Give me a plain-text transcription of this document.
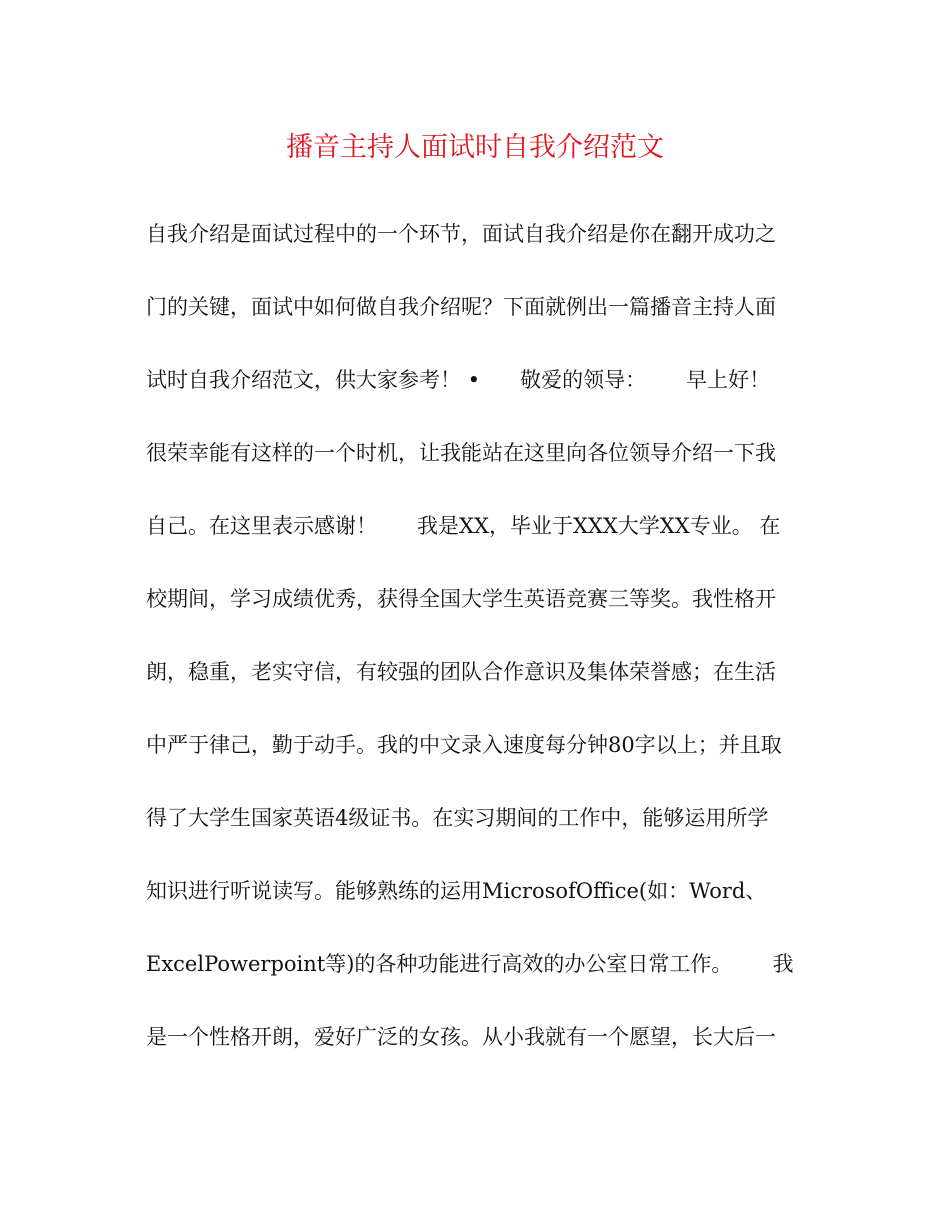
播音主持人面试时自我介绍范文

自我介绍是面试过程中的一个环节，面试自我介绍是你在翻开成功之

门的关键，面试中如何做自我介绍呢？下面就例出一篇播音主持人面

试时自我介绍范文，供大家参考！ •      敬爱的领导：      早上好！

很荣幸能有这样的一个时机，让我能站在这里向各位领导介绍一下我

自己。在这里表示感谢！      我是XX，毕业于XXX大学XX专业。 在

校期间，学习成绩优秀，获得全国大学生英语竞赛三等奖。我性格开

朗，稳重，老实守信，有较强的团队合作意识及集体荣誉感；在生活

中严于律己，勤于动手。我的中文录入速度每分钟80字以上；并且取

得了大学生国家英语4级证书。在实习期间的工作中，能够运用所学

知识进行听说读写。能够熟练的运用MicrosofOffice(如：Word、

ExcelPowerpoint等)的各种功能进行高效的办公室日常工作。      我

是一个性格开朗，爱好广泛的女孩。从小我就有一个愿望，长大后一
